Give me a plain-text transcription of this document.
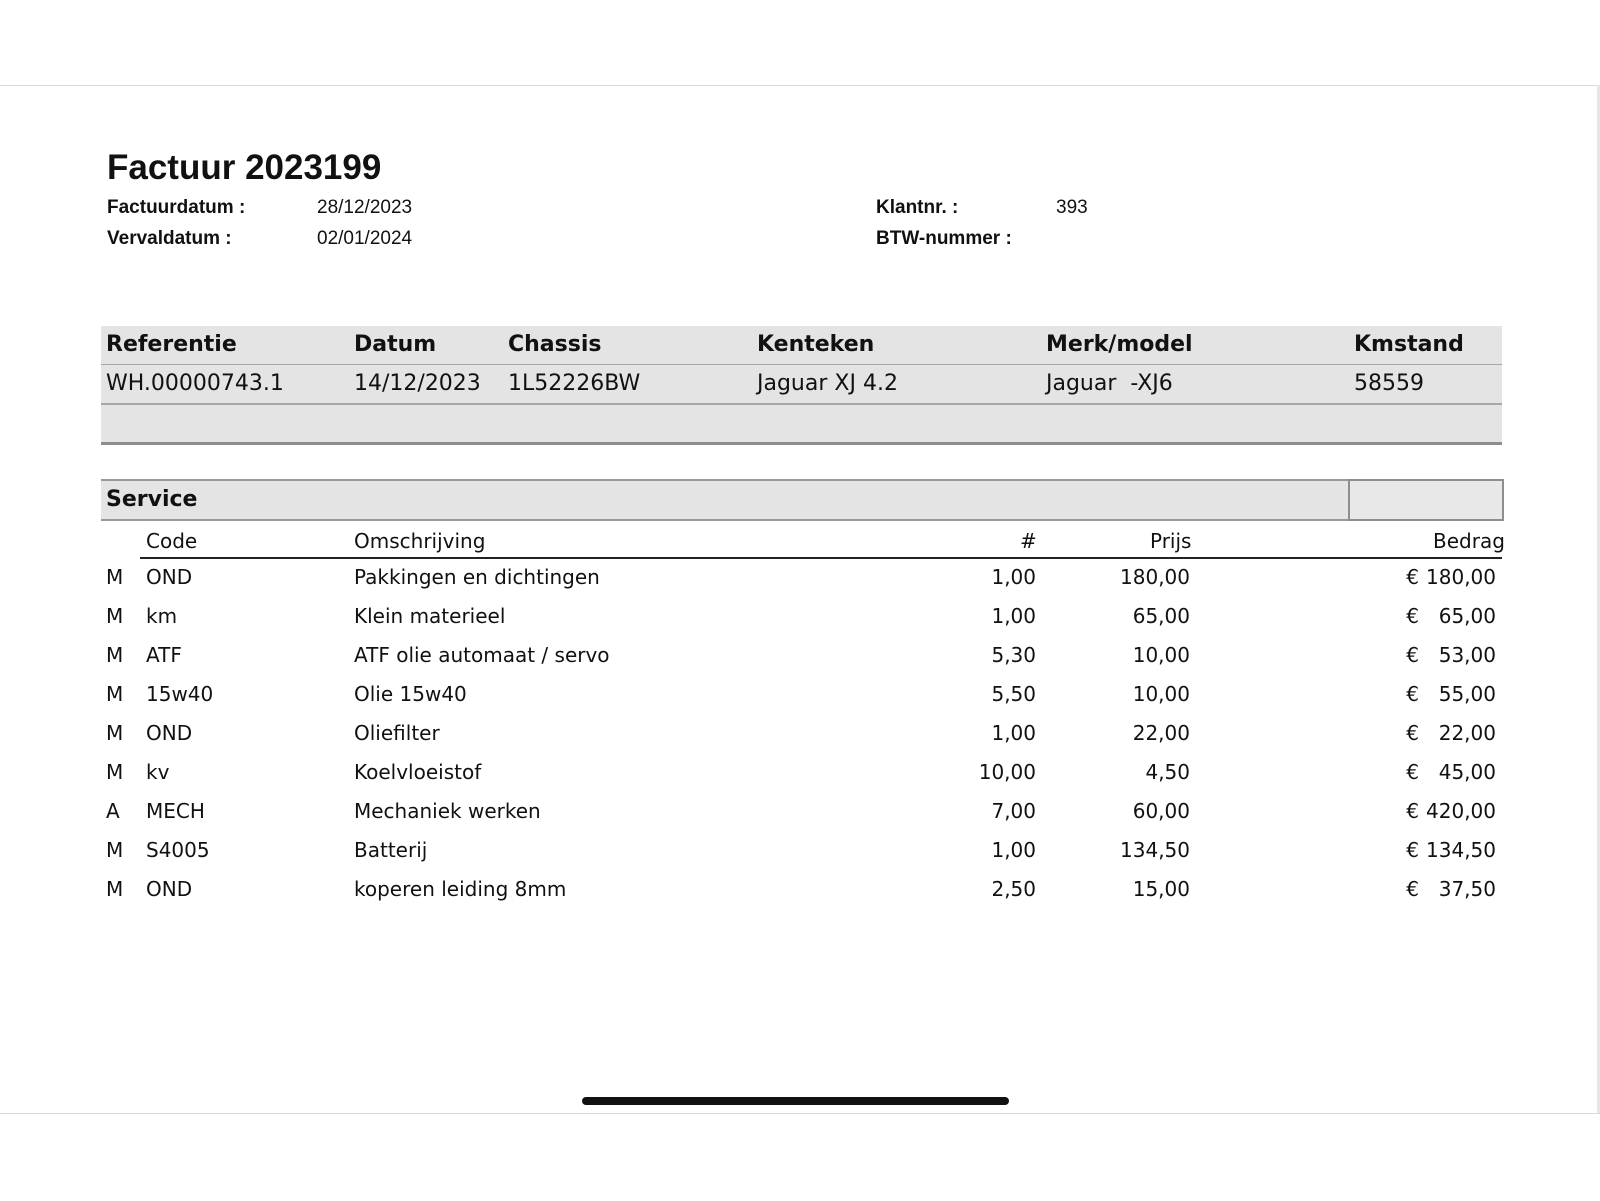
Factuur 2023199
Factuurdatum :	28/12/2023
Vervaldatum :	02/01/2024
Klantnr. :	393
BTW-nummer :
Referentie	Datum	Chassis	Kenteken	Merk/model	Kmstand
WH.00000743.1	14/12/2023 1L52226BW	Jaguar XJ 4.2	Jaguar  -XJ6	58559
Service
Code	Omschrijving	#	Prijs	Bedrag
M OND	Pakkingen en dichtingen	1,00	180,00	€ 180,00
M km	Klein materieel	1,00	65,00	€ 65,00
M ATF	ATF olie automaat / servo	5,30	10,00	€ 53,00
M 15w40	Olie 15w40	5,50	10,00	€ 55,00
M OND	Oliefilter	1,00	22,00	€ 22,00
M kv	Koelvloeistof	10,00	4,50	€ 45,00
A MECH	Mechaniek werken	7,00	60,00	€ 420,00
M S4005	Batterij	1,00	134,50	€ 134,50
M OND	koperen leiding 8mm	2,50	15,00	€ 37,50
